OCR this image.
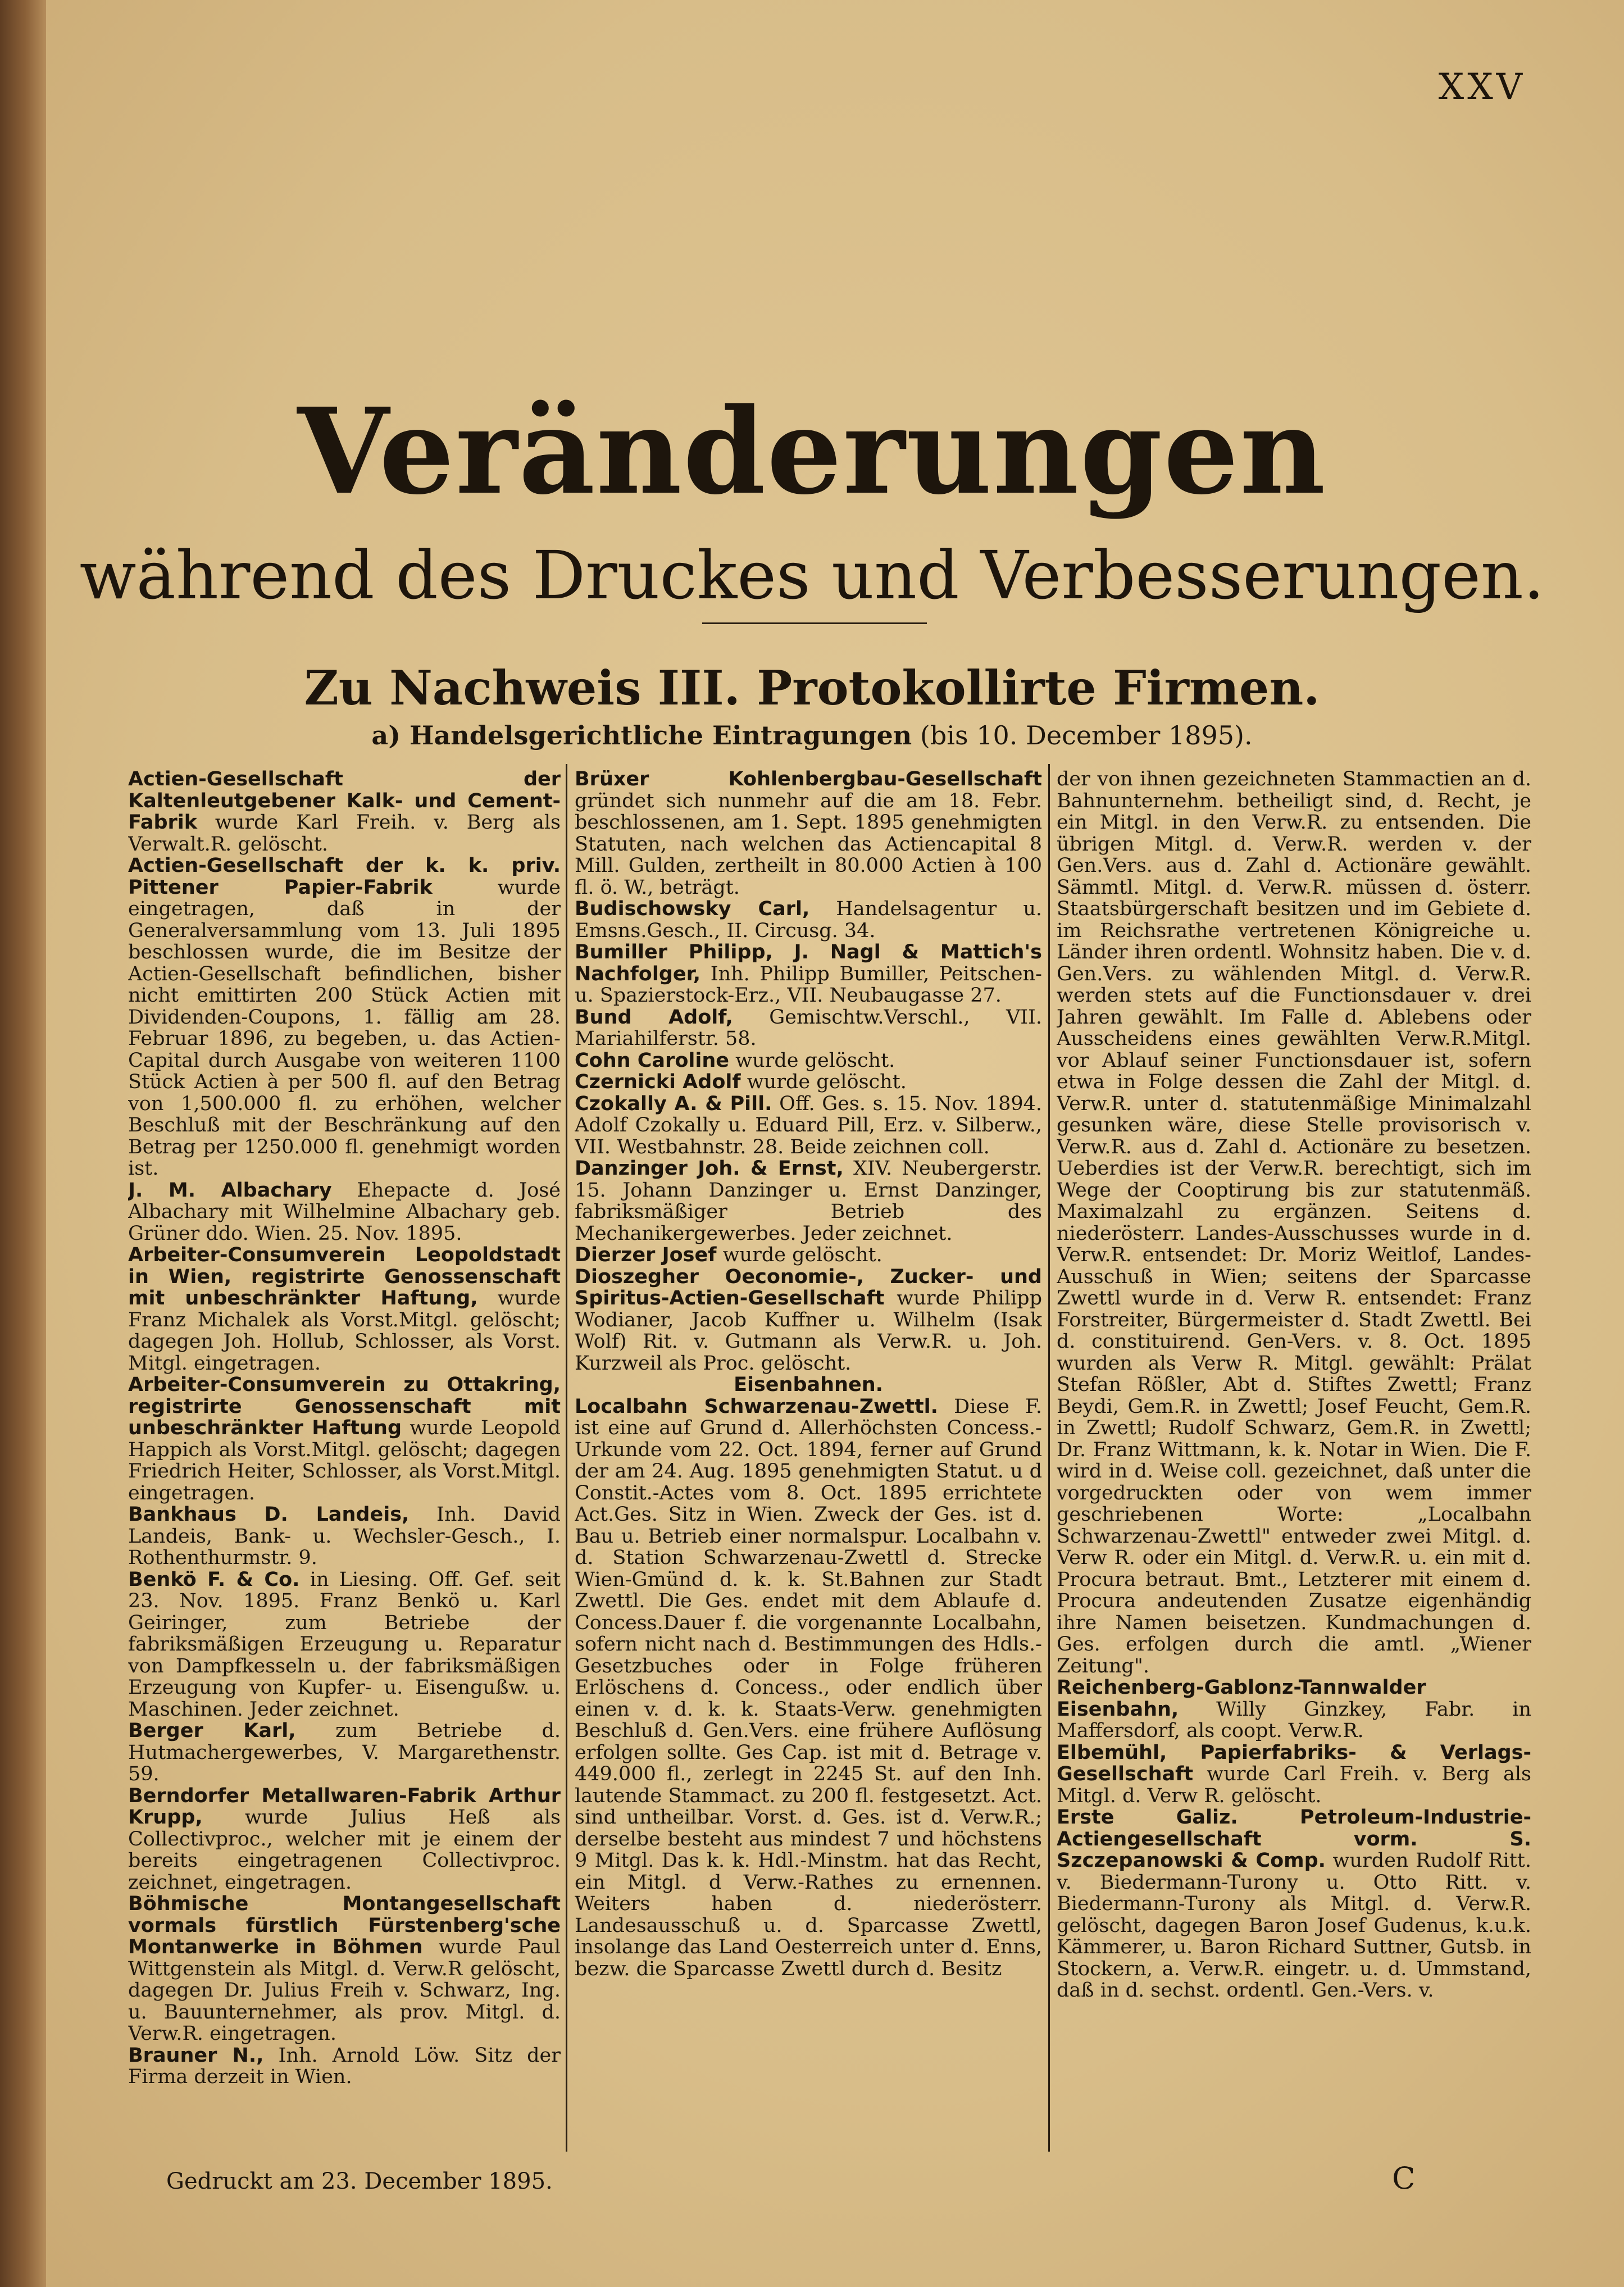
XXV
Veränderungen
während des Druckes und Verbesserungen.
Zu Nachweis III. Protokollirte Firmen.
a) Handelsgerichtliche Eintragungen (bis 10. December 1895).

Actien-Gesellschaft der Kaltenleutgebener Kalk- und Cement-Fabrik wurde Karl Freih. v. Berg als Verwalt.R. gelöscht.

Actien-Gesellschaft der k. k. priv. Pittener Papier-Fabrik wurde eingetragen, daß in der Generalversammlung vom 13. Juli 1895 beschlossen wurde, die im Besitze der Actien-Gesellschaft befindlichen, bisher nicht emittirten 200 Stück Actien mit Dividenden-Coupons, 1. fällig am 28. Februar 1896, zu begeben, u. das Actien-Capital durch Ausgabe von weiteren 1100 Stück Actien à per 500 fl. auf den Betrag von 1,500.000 fl. zu erhöhen, welcher Beschluß mit der Beschränkung auf den Betrag per 1250.000 fl. genehmigt worden ist.

J. M. Albachary Ehepacte d. José Albachary mit Wilhelmine Albachary geb. Grüner ddo. Wien. 25. Nov. 1895.

Arbeiter-Consumverein Leopoldstadt in Wien, registrirte Genossenschaft mit unbeschränkter Haftung, wurde Franz Michalek als Vorst.Mitgl. gelöscht; dagegen Joh. Hollub, Schlosser, als Vorst. Mitgl. eingetragen.

Arbeiter-Consumverein zu Ottakring, registrirte Genossenschaft mit unbeschränkter Haftung wurde Leopold Happich als Vorst.Mitgl. gelöscht; dagegen Friedrich Heiter, Schlosser, als Vorst.Mitgl. eingetragen.

Bankhaus D. Landeis, Inh. David Landeis, Bank- u. Wechsler-Gesch., I. Rothenthurmstr. 9.

Benkö F. & Co. in Liesing. Off. Gef. seit 23. Nov. 1895. Franz Benkö u. Karl Geiringer, zum Betriebe der fabriksmäßigen Erzeugung u. Reparatur von Dampfkesseln u. der fabriksmäßigen Erzeugung von Kupfer- u. Eisengußw. u. Maschinen. Jeder zeichnet.

Berger Karl, zum Betriebe d. Hutmachergewerbes, V. Margarethenstr. 59.

Berndorfer Metallwaren-Fabrik Arthur Krupp, wurde Julius Heß als Collectivproc., welcher mit je einem der bereits eingetragenen Collectivproc. zeichnet, eingetragen.

Böhmische Montangesellschaft vormals fürstlich Fürstenberg'sche Montanwerke in Böhmen wurde Paul Wittgenstein als Mitgl. d. Verw.R gelöscht, dagegen Dr. Julius Freih v. Schwarz, Ing. u. Bauunternehmer, als prov. Mitgl. d. Verw.R. eingetragen.

Brauner N., Inh. Arnold Löw. Sitz der Firma derzeit in Wien.

Brüxer Kohlenbergbau-Gesellschaft gründet sich nunmehr auf die am 18. Febr. beschlossenen, am 1. Sept. 1895 genehmigten Statuten, nach welchen das Actiencapital 8 Mill. Gulden, zertheilt in 80.000 Actien à 100 fl. ö. W., beträgt.

Budischowsky Carl, Handelsagentur u. Emsns.Gesch., II. Circusg. 34.

Bumiller Philipp, J. Nagl & Mattich's Nachfolger, Inh. Philipp Bumiller, Peitschen- u. Spazierstock-Erz., VII. Neubaugasse 27.

Bund Adolf, Gemischtw.Verschl., VII. Mariahilferstr. 58.

Cohn Caroline wurde gelöscht.

Czernicki Adolf wurde gelöscht.

Czokally A. & Pill. Off. Ges. s. 15. Nov. 1894. Adolf Czokally u. Eduard Pill, Erz. v. Silberw., VII. Westbahnstr. 28. Beide zeichnen coll.

Danzinger Joh. & Ernst, XIV. Neubergerstr. 15. Johann Danzinger u. Ernst Danzinger, fabriksmäßiger Betrieb des Mechanikergewerbes. Jeder zeichnet.

Dierzer Josef wurde gelöscht.

Dioszegher Oeconomie-, Zucker- und Spiritus-Actien-Gesellschaft wurde Philipp Wodianer, Jacob Kuffner u. Wilhelm (Isak Wolf) Rit. v. Gutmann als Verw.R. u. Joh. Kurzweil als Proc. gelöscht.

Eisenbahnen.

Localbahn Schwarzenau-Zwettl. Diese F. ist eine auf Grund d. Allerhöchsten Concess.-Urkunde vom 22. Oct. 1894, ferner auf Grund der am 24. Aug. 1895 genehmigten Statut. u d Constit.-Actes vom 8. Oct. 1895 errichtete Act.Ges. Sitz in Wien. Zweck der Ges. ist d. Bau u. Betrieb einer normalspur. Localbahn v. d. Station Schwarzenau-Zwettl d. Strecke Wien-Gmünd d. k. k. St.Bahnen zur Stadt Zwettl. Die Ges. endet mit dem Ablaufe d. Concess.Dauer f. die vorgenannte Localbahn, sofern nicht nach d. Bestimmungen des Hdls.-Gesetzbuches oder in Folge früheren Erlöschens d. Concess., oder endlich über einen v. d. k. k. Staats-Verw. genehmigten Beschluß d. Gen.Vers. eine frühere Auflösung erfolgen sollte. Ges Cap. ist mit d. Betrage v. 449.000 fl., zerlegt in 2245 St. auf den Inh. lautende Stammact. zu 200 fl. festgesetzt. Act. sind untheilbar. Vorst. d. Ges. ist d. Verw.R.; derselbe besteht aus mindest 7 und höchstens 9 Mitgl. Das k. k. Hdl.-Minstm. hat das Recht, ein Mitgl. d Verw.-Rathes zu ernennen. Weiters haben d. niederösterr. Landesausschuß u. d. Sparcasse Zwettl, insolange das Land Oesterreich unter d. Enns, bezw. die Sparcasse Zwettl durch d. Besitz

der von ihnen gezeichneten Stammactien an d. Bahnunternehm. betheiligt sind, d. Recht, je ein Mitgl. in den Verw.R. zu entsenden. Die übrigen Mitgl. d. Verw.R. werden v. der Gen.Vers. aus d. Zahl d. Actionäre gewählt. Sämmtl. Mitgl. d. Verw.R. müssen d. österr. Staatsbürgerschaft besitzen und im Gebiete d. im Reichsrathe vertretenen Königreiche u. Länder ihren ordentl. Wohnsitz haben. Die v. d. Gen.Vers. zu wählenden Mitgl. d. Verw.R. werden stets auf die Functionsdauer v. drei Jahren gewählt. Im Falle d. Ablebens oder Ausscheidens eines gewählten Verw.R.Mitgl. vor Ablauf seiner Functionsdauer ist, sofern etwa in Folge dessen die Zahl der Mitgl. d. Verw.R. unter d. statutenmäßige Minimalzahl gesunken wäre, diese Stelle provisorisch v. Verw.R. aus d. Zahl d. Actionäre zu besetzen. Ueberdies ist der Verw.R. berechtigt, sich im Wege der Cooptirung bis zur statutenmäß. Maximalzahl zu ergänzen. Seitens d. niederösterr. Landes-Ausschusses wurde in d. Verw.R. entsendet: Dr. Moriz Weitlof, Landes-Ausschuß in Wien; seitens der Sparcasse Zwettl wurde in d. Verw R. entsendet: Franz Forstreiter, Bürgermeister d. Stadt Zwettl. Bei d. constituirend. Gen-Vers. v. 8. Oct. 1895 wurden als Verw R. Mitgl. gewählt: Prälat Stefan Rößler, Abt d. Stiftes Zwettl; Franz Beydi, Gem.R. in Zwettl; Josef Feucht, Gem.R. in Zwettl; Rudolf Schwarz, Gem.R. in Zwettl; Dr. Franz Wittmann, k. k. Notar in Wien. Die F. wird in d. Weise coll. gezeichnet, daß unter die vorgedruckten oder von wem immer geschriebenen Worte: „Localbahn Schwarzenau-Zwettl" entweder zwei Mitgl. d. Verw R. oder ein Mitgl. d. Verw.R. u. ein mit d. Procura betraut. Bmt., Letzterer mit einem d. Procura andeutenden Zusatze eigenhändig ihre Namen beisetzen. Kundmachungen d. Ges. erfolgen durch die amtl. „Wiener Zeitung".

Reichenberg-Gablonz-Tannwalder Eisenbahn, Willy Ginzkey, Fabr. in Maffersdorf, als coopt. Verw.R.

Elbemühl, Papierfabriks- & Verlags-Gesellschaft wurde Carl Freih. v. Berg als Mitgl. d. Verw R. gelöscht.

Erste Galiz. Petroleum-Industrie-Actiengesellschaft vorm. S. Szczepanowski & Comp. wurden Rudolf Ritt. v. Biedermann-Turony u. Otto Ritt. v. Biedermann-Turony als Mitgl. d. Verw.R. gelöscht, dagegen Baron Josef Gudenus, k.u.k. Kämmerer, u. Baron Richard Suttner, Gutsb. in Stockern, a. Verw.R. eingetr. u. d. Ummstand, daß in d. sechst. ordentl. Gen.-Vers. v.

Gedruckt am 23. December 1895.	C
